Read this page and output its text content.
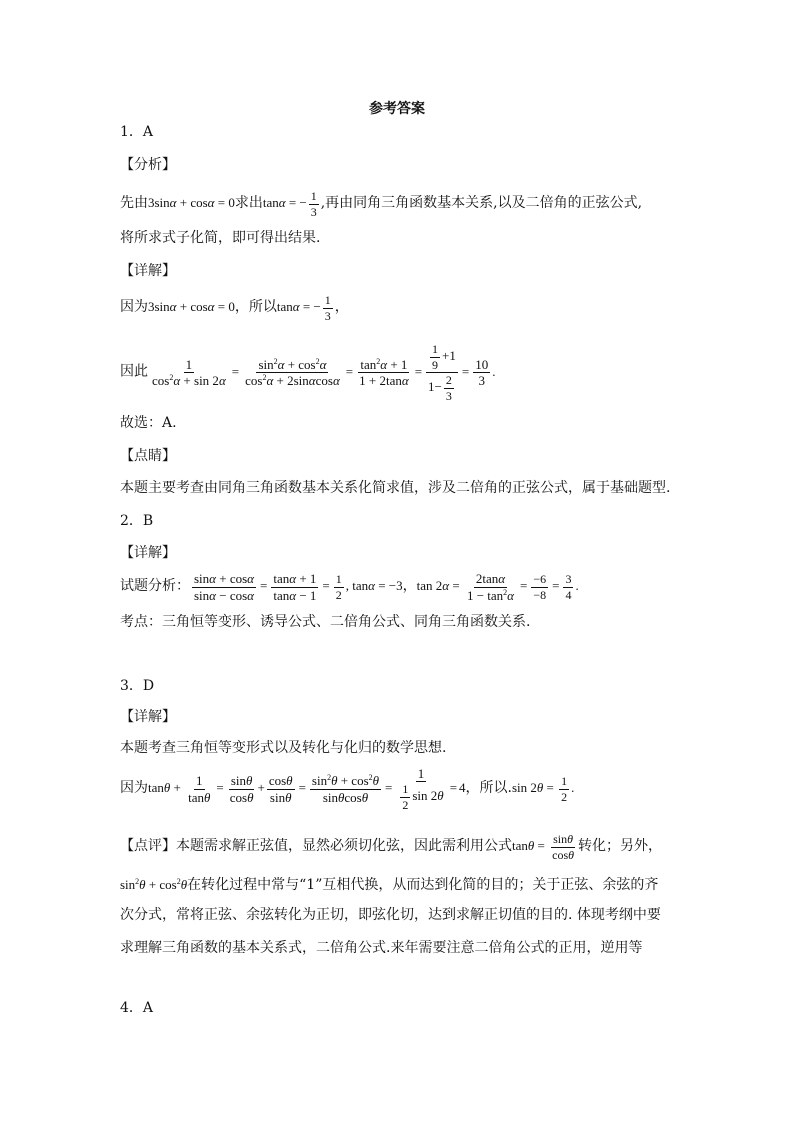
参考答案
1．A
【分析】
先由3sinα + cosα = 0求出tanα = − $\frac{1}{3}$ ,再由同角三角函数基本关系,以及二倍角的正弦公式,
将所求式子化简，即可得出结果.
【详解】
因为3sinα + cosα = 0，所以tanα = − $\frac{1}{3}$ ，
因此 $\frac{1}{\cos^2\alpha + \sin 2\alpha} = \frac{\sin^2\alpha + \cos^2\alpha}{\cos^2\alpha + 2\sin\alpha\cos\alpha} = \frac{\tan^2\alpha + 1}{1 + 2\tan\alpha} = \frac{\frac{1}{9} +1}{1- \frac{2}{3}} = \frac{10}{3}$ .
故选：A.
【点睛】
本题主要考查由同角三角函数基本关系化简求值，涉及二倍角的正弦公式，属于基础题型.
2．B
【详解】
试题分析： $\frac{\sin\alpha + \cos\alpha}{\sin\alpha - \cos\alpha} = \frac{\tan\alpha + 1}{\tan\alpha - 1} = \frac{1}{2}$ , tanα = −3，$\tan 2\alpha = \frac{2\tan\alpha}{1 - \tan^2\alpha} = \frac{-6}{-8} = \frac{3}{4}$ .
考点：三角恒等变形、诱导公式、二倍角公式、同角三角函数关系.
3．D
【详解】
本题考查三角恒等变形式以及转化与化归的数学思想.
因为$\tan\theta + \frac{1}{\tan\theta} = \frac{\sin\theta}{\cos\theta} + \frac{\cos\theta}{\sin\theta} = \frac{\sin^2\theta + \cos^2\theta}{\sin\theta\cos\theta} = \frac{1}{\frac{1}{2} \sin 2\theta} = 4$，所以.sin $2\theta = \frac{1}{2}$ .
【点评】本题需求解正弦值，显然必须切化弦，因此需利用公式$\tan\theta = \frac{\sin\theta}{\cos\theta}$ 转化；另外，
$\sin^2\theta + \cos^2\theta$在转化过程中常与“1”互相代换，从而达到化简的目的；关于正弦、余弦的齐
次分式，常将正弦、余弦转化为正切，即弦化切，达到求解正切值的目的. 体现考纲中要
求理解三角函数的基本关系式，二倍角公式.来年需要注意二倍角公式的正用，逆用等
4．A
